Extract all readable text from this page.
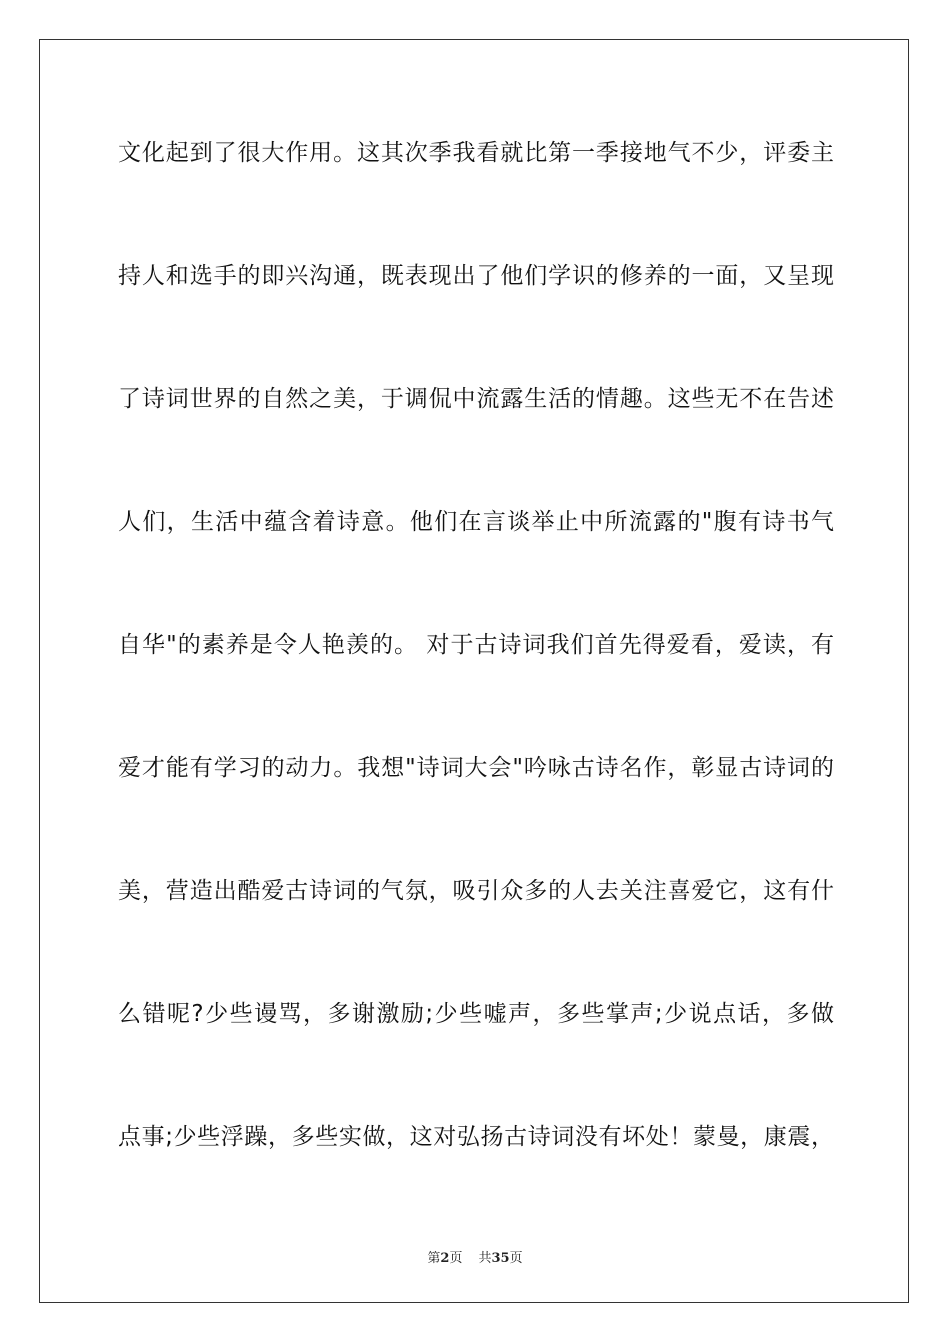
文化起到了很大作用。这其次季我看就比第一季接地气不少，评委主
持人和选手的即兴沟通，既表现出了他们学识的修养的一面，又呈现
了诗词世界的自然之美，于调侃中流露生活的情趣。这些无不在告述
人们，生活中蕴含着诗意。他们在言谈举止中所流露的"腹有诗书气
自华"的素养是令人艳羡的。 对于古诗词我们首先得爱看，爱读，有
爱才能有学习的动力。我想"诗词大会"吟咏古诗名作，彰显古诗词的
美，营造出酷爱古诗词的气氛，吸引众多的人去关注喜爱它，这有什
么错呢?少些谩骂，多谢激励;少些嘘声，多些掌声;少说点话，多做
点事;少些浮躁，多些实做，这对弘扬古诗词没有坏处！蒙曼，康震，
第2页 共35页
